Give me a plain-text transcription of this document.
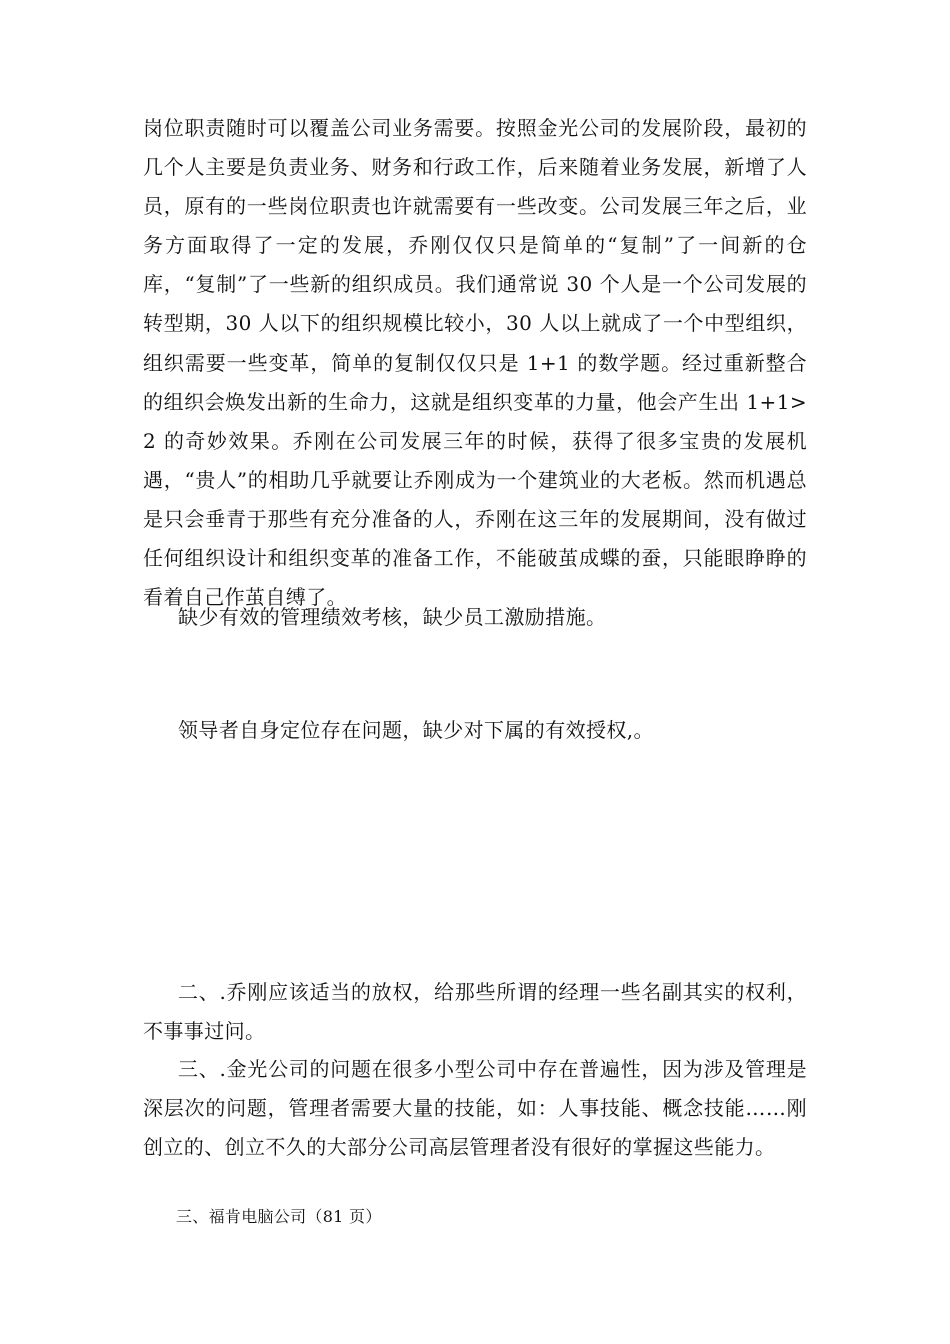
岗位职责随时可以覆盖公司业务需要。按照金光公司的发展阶段，最初的几个人主要是负责业务、财务和行政工作，后来随着业务发展，新增了人员，原有的一些岗位职责也许就需要有一些改变。公司发展三年之后，业务方面取得了一定的发展，乔刚仅仅只是简单的“复制”了一间新的仓库，“复制”了一些新的组织成员。我们通常说 30 个人是一个公司发展的转型期，30 人以下的组织规模比较小，30 人以上就成了一个中型组织，组织需要一些变革，简单的复制仅仅只是 1+1 的数学题。经过重新整合的组织会焕发出新的生命力，这就是组织变革的力量，他会产生出 1+1>2 的奇妙效果。乔刚在公司发展三年的时候，获得了很多宝贵的发展机遇，“贵人”的相助几乎就要让乔刚成为一个建筑业的大老板。然而机遇总是只会垂青于那些有充分准备的人，乔刚在这三年的发展期间，没有做过任何组织设计和组织变革的准备工作，不能破茧成蝶的蚕，只能眼睁睁的看着自己作茧自缚了。

缺少有效的管理绩效考核，缺少员工激励措施。

领导者自身定位存在问题，缺少对下属的有效授权,。

二、.乔刚应该适当的放权，给那些所谓的经理一些名副其实的权利，不事事过问。

三、.金光公司的问题在很多小型公司中存在普遍性，因为涉及管理是深层次的问题，管理者需要大量的技能，如：人事技能、概念技能……刚创立的、创立不久的大部分公司高层管理者没有很好的掌握这些能力。

三、福肯电脑公司（81 页）
